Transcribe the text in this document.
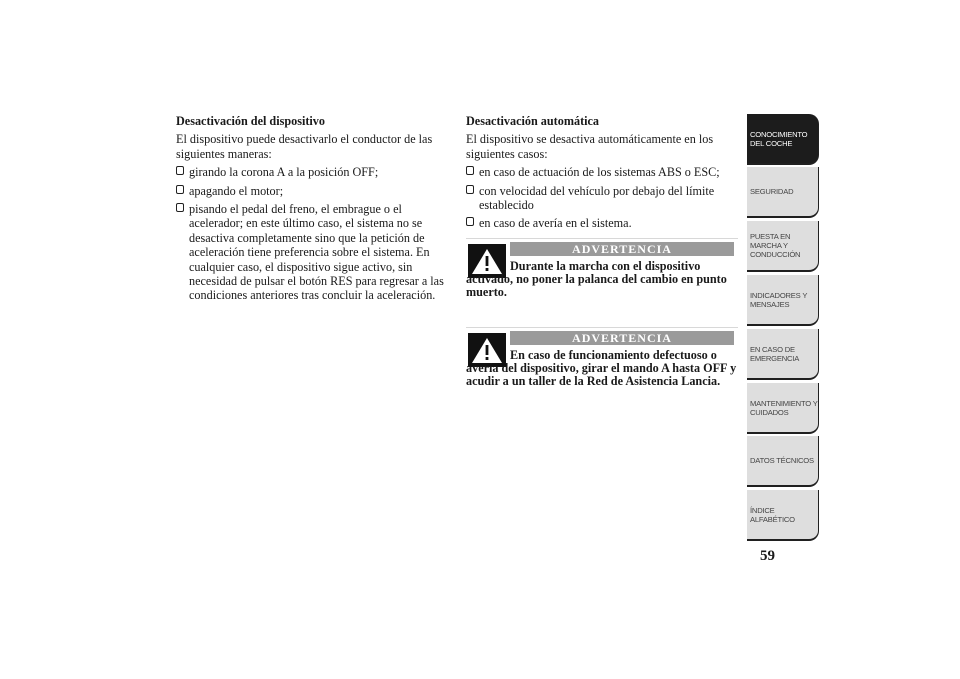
Desactivación del dispositivo
El dispositivo puede desactivarlo el conductor de las siguientes maneras:
girando la corona A a la posición OFF;
apagando el motor;
pisando el pedal del freno, el embrague o el acelerador; en este último caso, el sistema no se desactiva completamente sino que la petición de aceleración tiene preferencia sobre el sistema. En cualquier caso, el dispositivo sigue activo, sin necesidad de pulsar el botón RES para regresar a las condiciones anteriores tras concluir la aceleración.
Desactivación automática
El dispositivo se desactiva automáticamente en los siguientes casos:
en caso de actuación de los sistemas ABS o ESC;
con velocidad del vehículo por debajo del límite establecido
en caso de avería en el sistema.
ADVERTENCIA
Durante la marcha con el dispositivo activado, no poner la palanca del cambio en punto muerto.
ADVERTENCIA
En caso de funcionamiento defectuoso o avería del dispositivo, girar el mando A hasta OFF y acudir a un taller de la Red de Asistencia Lancia.
CONOCIMIENTO DEL COCHE
SEGURIDAD
PUESTA EN MARCHA Y CONDUCCIÓN
INDICADORES Y MENSAJES
EN CASO DE EMERGENCIA
MANTENIMIENTO Y CUIDADOS
DATOS TÉCNICOS
ÍNDICE ALFABÉTICO
59
